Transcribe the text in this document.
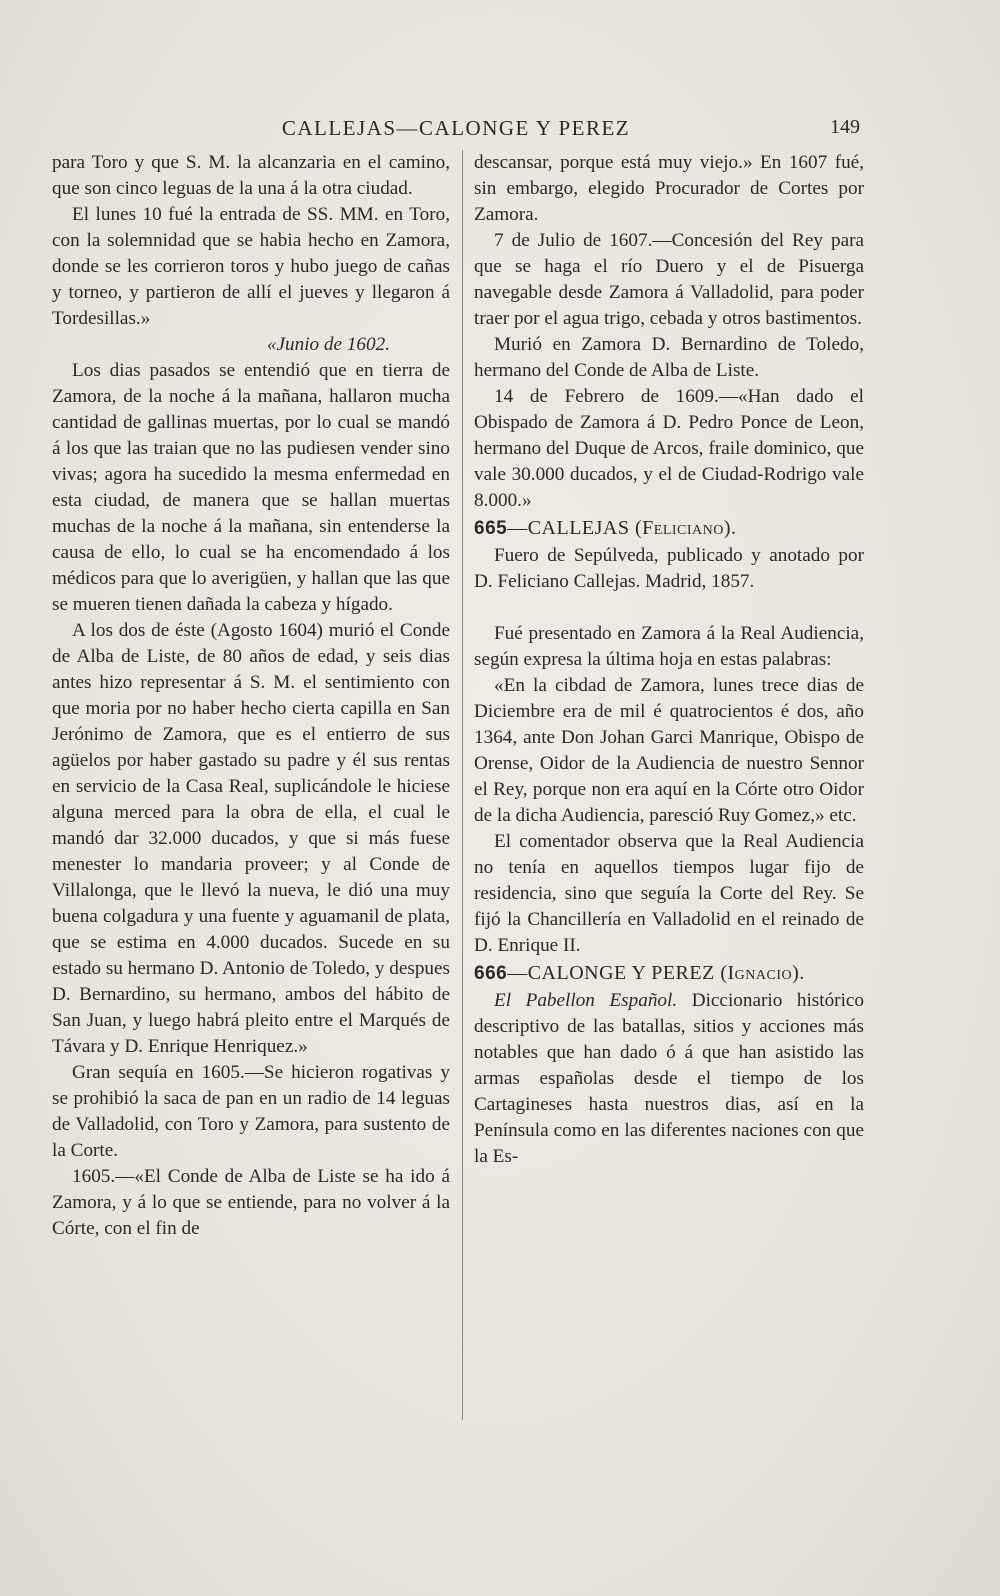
CALLEJAS—CALONGE Y PEREZ	149

para Toro y que S. M. la alcanzaria en el camino, que son cinco leguas de la una á la otra ciudad.

El lunes 10 fué la entrada de SS. MM. en Toro, con la solemnidad que se habia hecho en Zamora, donde se les corrieron toros y hubo juego de cañas y torneo, y partieron de allí el jueves y llegaron á Tordesillas.»

«Junio de 1602.

Los dias pasados se entendió que en tierra de Zamora, de la noche á la mañana, hallaron mucha cantidad de gallinas muertas, por lo cual se mandó á los que las traian que no las pudiesen vender sino vivas; agora ha sucedido la mesma enfermedad en esta ciudad, de manera que se hallan muertas muchas de la noche á la mañana, sin entenderse la causa de ello, lo cual se ha encomendado á los médicos para que lo averigüen, y hallan que las que se mueren tienen dañada la cabeza y hígado.

A los dos de éste (Agosto 1604) murió el Conde de Alba de Liste, de 80 años de edad, y seis dias antes hizo representar á S. M. el sentimiento con que moria por no haber hecho cierta capilla en San Jerónimo de Zamora, que es el entierro de sus agüelos por haber gastado su padre y él sus rentas en servicio de la Casa Real, suplicándole le hiciese alguna merced para la obra de ella, el cual le mandó dar 32.000 ducados, y que si más fuese menester lo mandaria proveer; y al Conde de Villalonga, que le llevó la nueva, le dió una muy buena colgadura y una fuente y aguamanil de plata, que se estima en 4.000 ducados. Sucede en su estado su hermano D. Antonio de Toledo, y despues D. Bernardino, su hermano, ambos del hábito de San Juan, y luego habrá pleito entre el Marqués de Távara y D. Enrique Henriquez.»

Gran sequía en 1605.—Se hicieron rogativas y se prohibió la saca de pan en un radio de 14 leguas de Valladolid, con Toro y Zamora, para sustento de la Corte.

1605.—«El Conde de Alba de Liste se ha ido á Zamora, y á lo que se entiende, para no volver á la Córte, con el fin de

descansar, porque está muy viejo.» En 1607 fué, sin embargo, elegido Procurador de Cortes por Zamora.

7 de Julio de 1607.—Concesión del Rey para que se haga el río Duero y el de Pisuerga navegable desde Zamora á Valladolid, para poder traer por el agua trigo, cebada y otros bastimentos.

Murió en Zamora D. Bernardino de Toledo, hermano del Conde de Alba de Liste.

14 de Febrero de 1609.—«Han dado el Obispado de Zamora á D. Pedro Ponce de Leon, hermano del Duque de Arcos, fraile dominico, que vale 30.000 ducados, y el de Ciudad-Rodrigo vale 8.000.»

665—CALLEJAS (Feliciano).

Fuero de Sepúlveda, publicado y anotado por D. Feliciano Callejas. Madrid, 1857.

Fué presentado en Zamora á la Real Audiencia, según expresa la última hoja en estas palabras:

«En la cibdad de Zamora, lunes trece dias de Diciembre era de mil é quatrocientos é dos, año 1364, ante Don Johan Garci Manrique, Obispo de Orense, Oidor de la Audiencia de nuestro Sennor el Rey, porque non era aquí en la Córte otro Oidor de la dicha Audiencia, paresció Ruy Gomez,» etc.

El comentador observa que la Real Audiencia no tenía en aquellos tiempos lugar fijo de residencia, sino que seguía la Corte del Rey. Se fijó la Chancillería en Valladolid en el reinado de D. Enrique II.

666—CALONGE Y PEREZ (Ignacio).

El Pabellon Español. Diccionario histórico descriptivo de las batallas, sitios y acciones más notables que han dado ó á que han asistido las armas españolas desde el tiempo de los Cartagineses hasta nuestros dias, así en la Península como en las diferentes naciones con que la Es-
